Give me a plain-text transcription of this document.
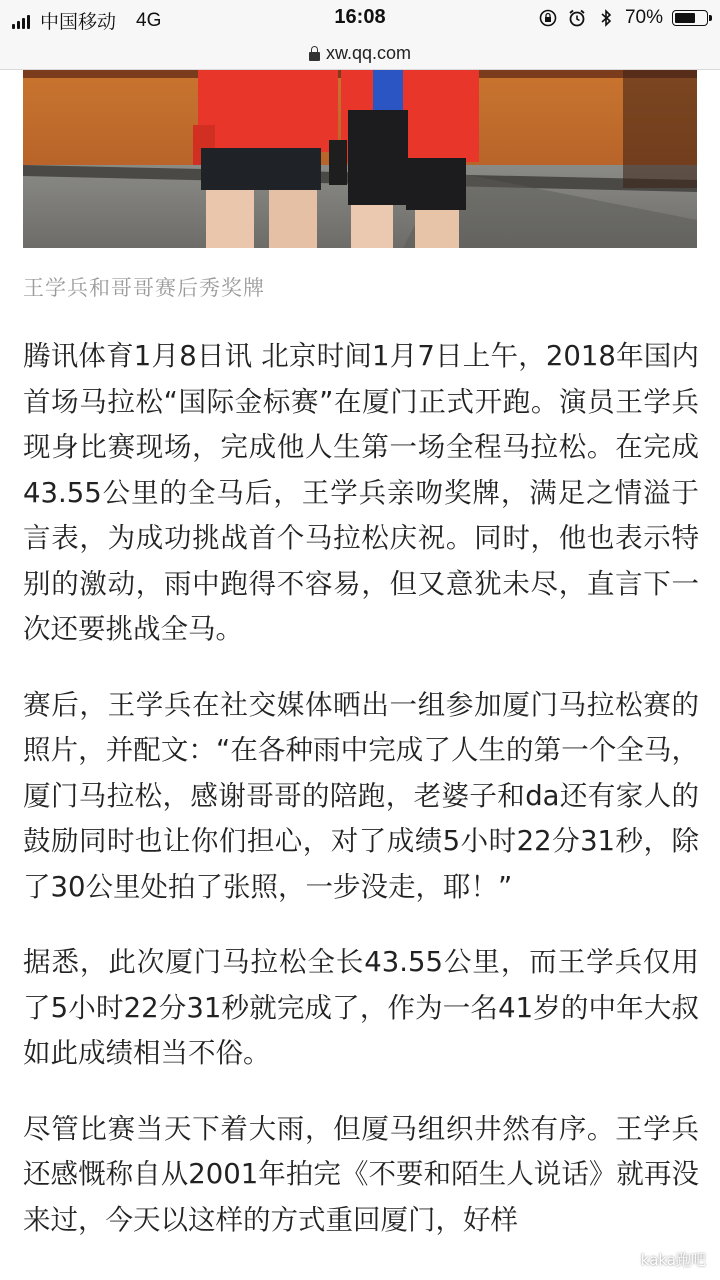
中国移动 4G	16:08	70%
xw.qq.com
王学兵和哥哥赛后秀奖牌

腾讯体育1月8日讯 北京时间1月7日上午，2018年国内首场马拉松“国际金标赛”在厦门正式开跑。演员王学兵现身比赛现场，完成他人生第一场全程马拉松。在完成43.55公里的全马后，王学兵亲吻奖牌，满足之情溢于言表，为成功挑战首个马拉松庆祝。同时，他也表示特别的激动，雨中跑得不容易，但又意犹未尽，直言下一次还要挑战全马。

赛后，王学兵在社交媒体晒出一组参加厦门马拉松赛的照片，并配文：“在各种雨中完成了人生的第一个全马，厦门马拉松，感谢哥哥的陪跑，老婆子和da还有家人的鼓励同时也让你们担心，对了成绩5小时22分31秒，除了30公里处拍了张照，一步没走，耶！”

据悉，此次厦门马拉松全长43.55公里，而王学兵仅用了5小时22分31秒就完成了，作为一名41岁的中年大叔如此成绩相当不俗。

尽管比赛当天下着大雨，但厦马组织井然有序。王学兵还感慨称自从2001年拍完《不要和陌生人说话》就再没来过，今天以这样的方式重回厦门，好样

kaka跑吧
